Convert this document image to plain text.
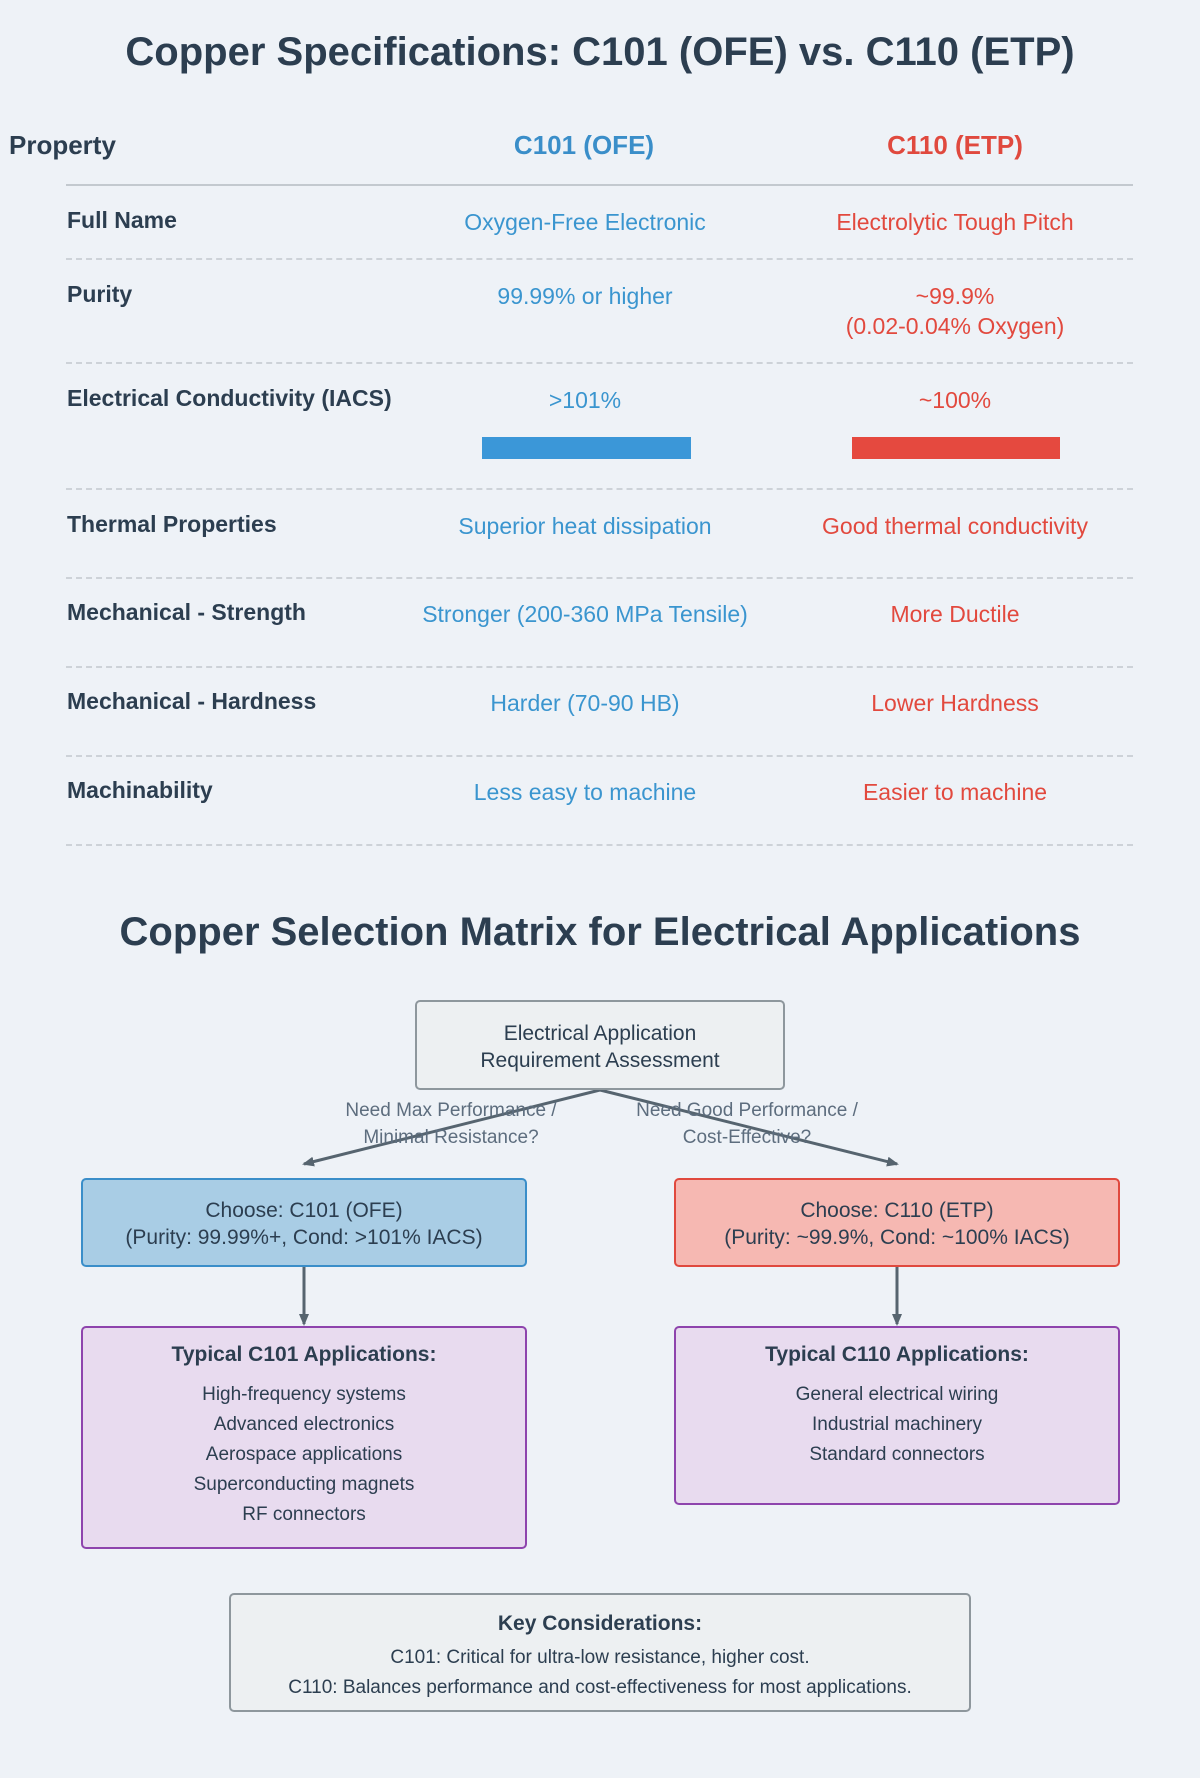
Copper Specifications: C101 (OFE) vs. C110 (ETP)
Property	C101 (OFE)	C110 (ETP)
Full Name	Oxygen-Free Electronic	Electrolytic Tough Pitch
Purity	99.99% or higher	~99.9%
(0.02-0.04% Oxygen)
Electrical Conductivity (IACS)	>101%	~100%
Thermal Properties	Superior heat dissipation	Good thermal conductivity
Mechanical - Strength	Stronger (200-360 MPa Tensile)	More Ductile
Mechanical - Hardness	Harder (70-90 HB)	Lower Hardness
Machinability	Less easy to machine	Easier to machine
Copper Selection Matrix for Electrical Applications
Electrical Application
Requirement Assessment
Need Max Performance /
Minimal Resistance?
Need Good Performance /
Cost-Effective?
Choose: C101 (OFE)
(Purity: 99.99%+, Cond: >101% IACS)
Choose: C110 (ETP)
(Purity: ~99.9%, Cond: ~100% IACS)
Typical C101 Applications:
High-frequency systems
Advanced electronics
Aerospace applications
Superconducting magnets
RF connectors
Typical C110 Applications:
General electrical wiring
Industrial machinery
Standard connectors
Key Considerations:
C101: Critical for ultra-low resistance, higher cost.
C110: Balances performance and cost-effectiveness for most applications.
